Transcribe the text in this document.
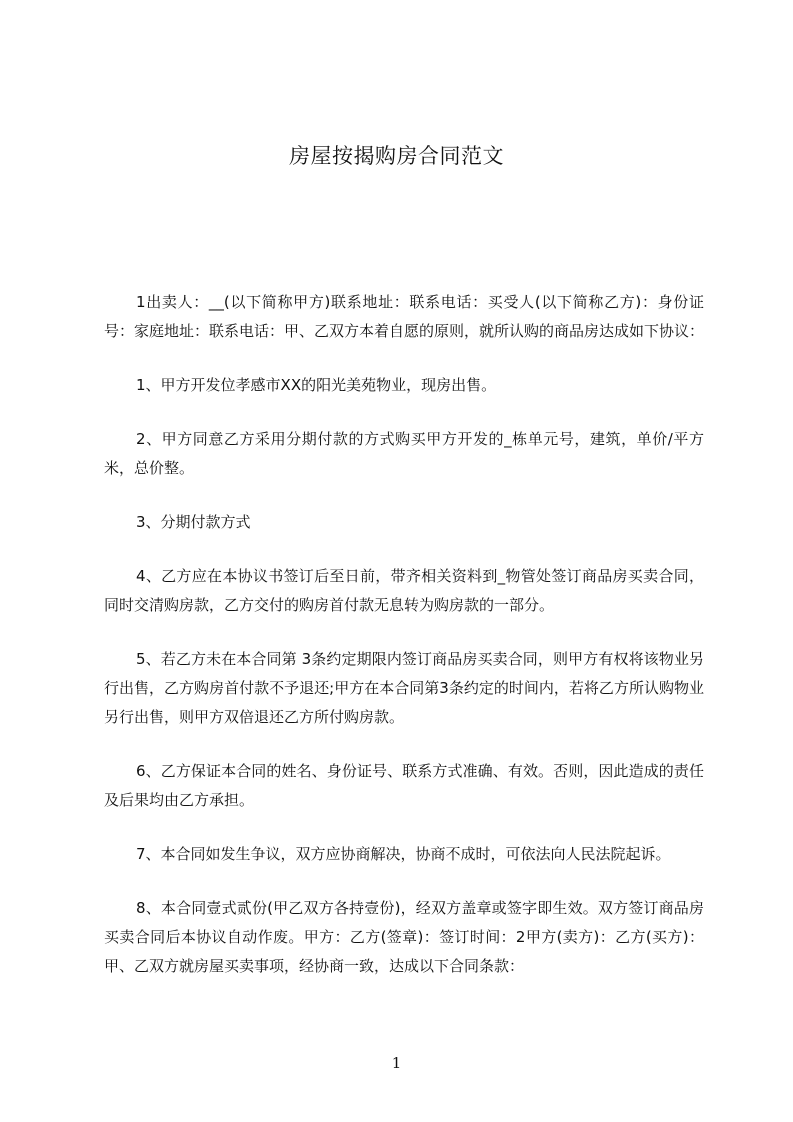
房屋按揭购房合同范文

1出卖人：__(以下简称甲方)联系地址：联系电话：买受人(以下简称乙方)：身份证号：家庭地址：联系电话：甲、乙双方本着自愿的原则，就所认购的商品房达成如下协议：

1、甲方开发位孝感市XX的阳光美苑物业，现房出售。

2、甲方同意乙方采用分期付款的方式购买甲方开发的_栋单元号，建筑，单价/平方米，总价整。

3、分期付款方式

4、乙方应在本协议书签订后至日前，带齐相关资料到_物管处签订商品房买卖合同，同时交清购房款，乙方交付的购房首付款无息转为购房款的一部分。

5、若乙方未在本合同第 3条约定期限内签订商品房买卖合同，则甲方有权将该物业另行出售，乙方购房首付款不予退还;甲方在本合同第3条约定的时间内，若将乙方所认购物业另行出售，则甲方双倍退还乙方所付购房款。

6、乙方保证本合同的姓名、身份证号、联系方式准确、有效。否则，因此造成的责任及后果均由乙方承担。

7、本合同如发生争议，双方应协商解决，协商不成时，可依法向人民法院起诉。

8、本合同壹式贰份(甲乙双方各持壹份)，经双方盖章或签字即生效。双方签订商品房买卖合同后本协议自动作废。甲方：乙方(签章)：签订时间：2甲方(卖方)：乙方(买方)：甲、乙双方就房屋买卖事项，经协商一致，达成以下合同条款：

1
